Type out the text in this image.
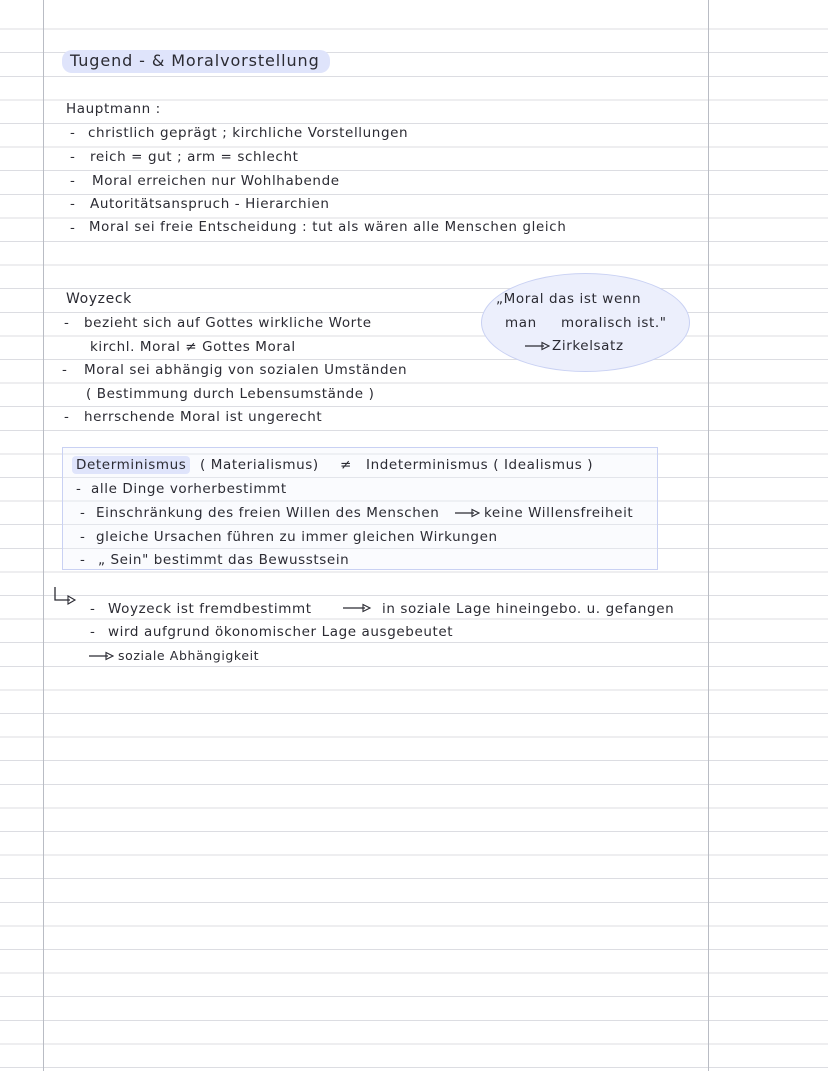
Tugend - & Moralvorstellung
Hauptmann :
- christlich geprägt ; kirchliche Vorstellungen
- reich = gut ; arm = schlecht
- Moral erreichen nur Wohlhabende
- Autoritätsanspruch - Hierarchien
- Moral sei freie Entscheidung : tut als wären alle Menschen gleich
Woyzeck
- bezieht sich auf Gottes wirkliche Worte
kirchl. Moral ≠ Gottes Moral
- Moral sei abhängig von sozialen Umständen
( Bestimmung durch Lebensumstände )
- herrschende Moral ist ungerecht
„Moral das ist wenn
man moralisch ist."
Zirkelsatz
Determinismus ( Materialismus) ≠ Indeterminismus ( Idealismus )
- alle Dinge vorherbestimmt
- Einschränkung des freien Willen des Menschen	keine Willensfreiheit
- gleiche Ursachen führen zu immer gleichen Wirkungen
- „ Sein" bestimmt das Bewusstsein
- Woyzeck ist fremdbestimmt	in soziale Lage hineingebo. u. gefangen
- wird aufgrund ökonomischer Lage ausgebeutet
soziale Abhängigkeit
